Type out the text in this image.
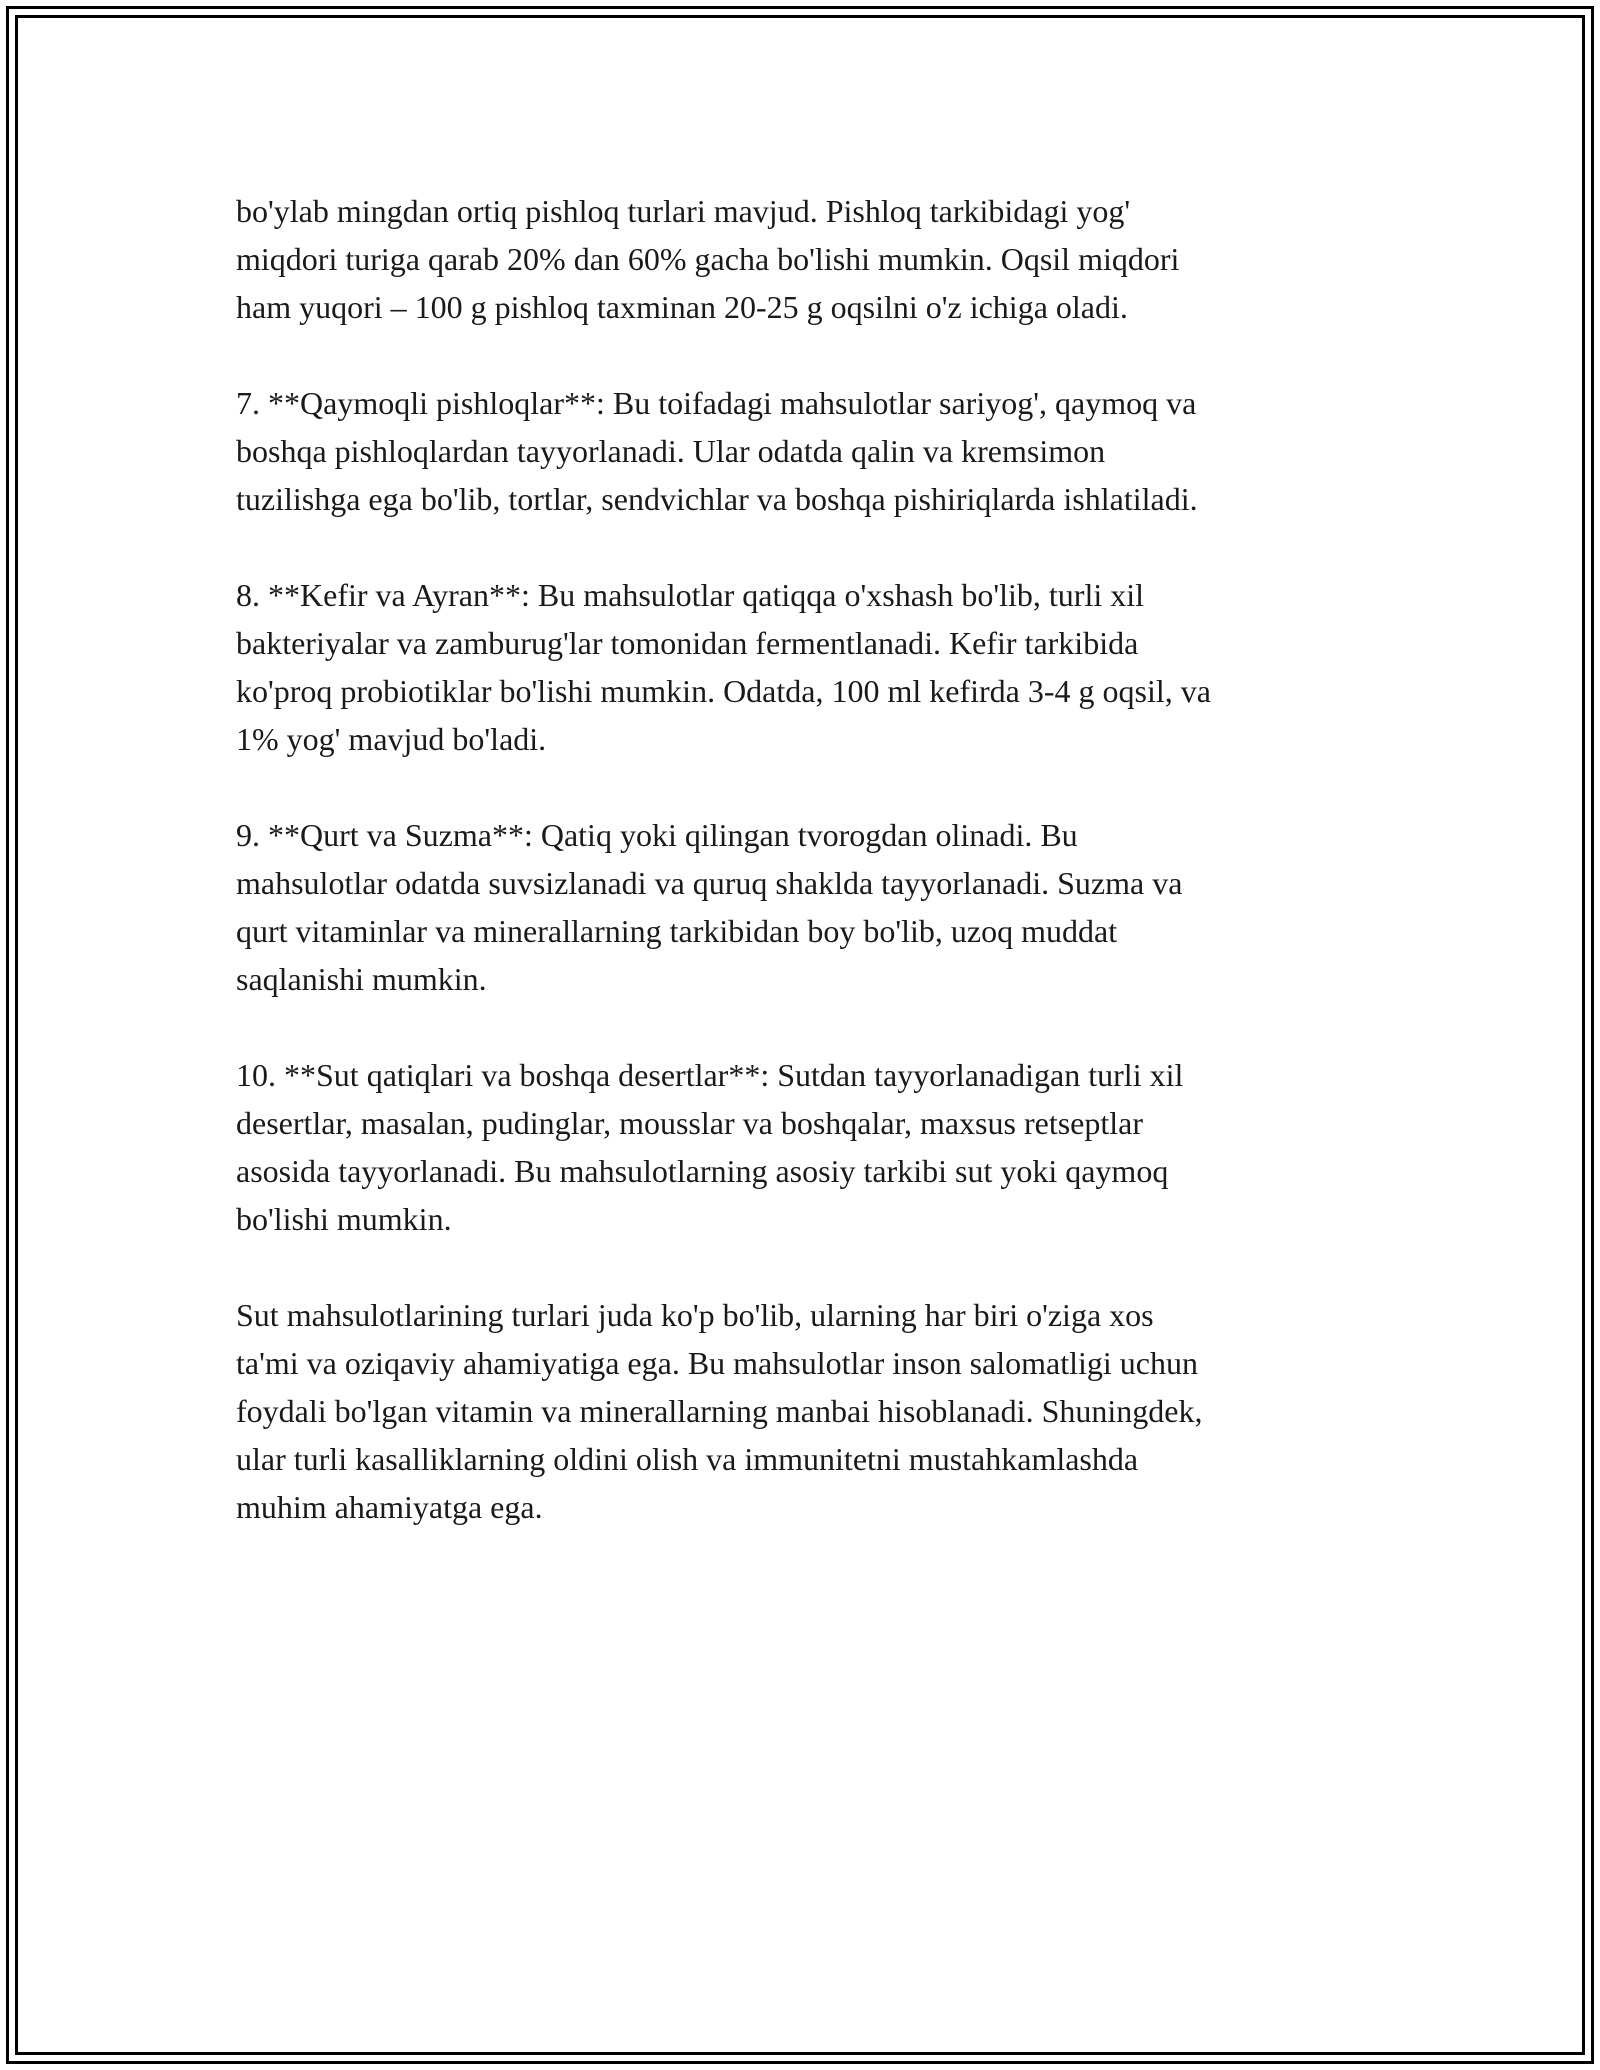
bo'ylab mingdan ortiq pishloq turlari mavjud. Pishloq tarkibidagi yog'
miqdori turiga qarab 20% dan 60% gacha bo'lishi mumkin. Oqsil miqdori
ham yuqori – 100 g pishloq taxminan 20-25 g oqsilni o'z ichiga oladi.

7. **Qaymoqli pishloqlar**: Bu toifadagi mahsulotlar sariyog', qaymoq va
boshqa pishloqlardan tayyorlanadi. Ular odatda qalin va kremsimon
tuzilishga ega bo'lib, tortlar, sendvichlar va boshqa pishiriqlarda ishlatiladi.

8. **Kefir va Ayran**: Bu mahsulotlar qatiqqa o'xshash bo'lib, turli xil
bakteriyalar va zamburug'lar tomonidan fermentlanadi. Kefir tarkibida
ko'proq probiotiklar bo'lishi mumkin. Odatda, 100 ml kefirda 3-4 g oqsil, va
1% yog' mavjud bo'ladi.

9. **Qurt va Suzma**: Qatiq yoki qilingan tvorogdan olinadi. Bu
mahsulotlar odatda suvsizlanadi va quruq shaklda tayyorlanadi. Suzma va
qurt vitaminlar va minerallarning tarkibidan boy bo'lib, uzoq muddat
saqlanishi mumkin.

10. **Sut qatiqlari va boshqa desertlar**: Sutdan tayyorlanadigan turli xil
desertlar, masalan, pudinglar, mousslar va boshqalar, maxsus retseptlar
asosida tayyorlanadi. Bu mahsulotlarning asosiy tarkibi sut yoki qaymoq
bo'lishi mumkin.

Sut mahsulotlarining turlari juda ko'p bo'lib, ularning har biri o'ziga xos
ta'mi va oziqaviy ahamiyatiga ega. Bu mahsulotlar inson salomatligi uchun
foydali bo'lgan vitamin va minerallarning manbai hisoblanadi. Shuningdek,
ular turli kasalliklarning oldini olish va immunitetni mustahkamlashda
muhim ahamiyatga ega.
